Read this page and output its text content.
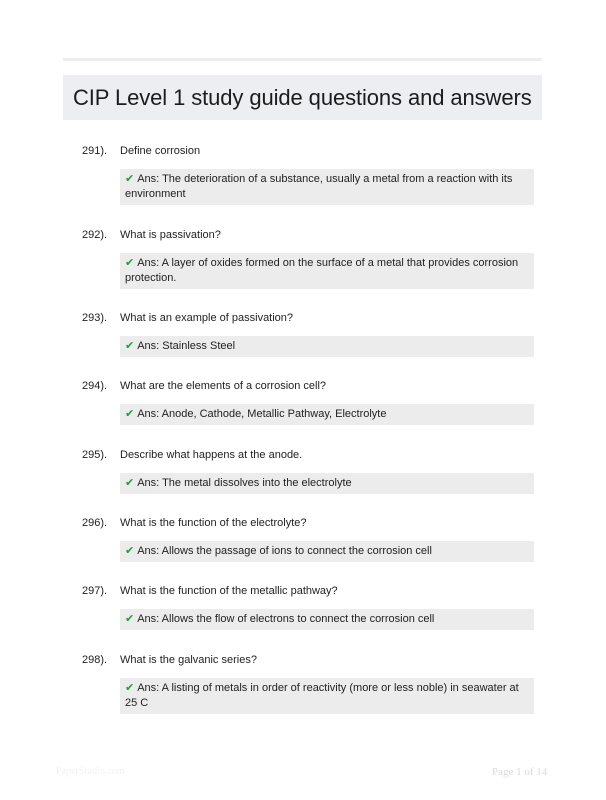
CIP Level 1 study guide questions and answers
291). Define corrosion
✔ Ans: The deterioration of a substance, usually a metal from a reaction with its environment
292). What is passivation?
✔ Ans: A layer of oxides formed on the surface of a metal that provides corrosion protection.
293). What is an example of passivation?
✔ Ans: Stainless Steel
294). What are the elements of a corrosion cell?
✔ Ans: Anode, Cathode, Metallic Pathway, Electrolyte
295). Describe what happens at the anode.
✔ Ans: The metal dissolves into the electrolyte
296). What is the function of the electrolyte?
✔ Ans: Allows the passage of ions to connect the corrosion cell
297). What is the function of the metallic pathway?
✔ Ans: Allows the flow of electrons to connect the corrosion cell
298). What is the galvanic series?
✔ Ans: A listing of metals in order of reactivity (more or less noble) in seawater at 25 C
PaperStudio.com	Page 1 of 14
